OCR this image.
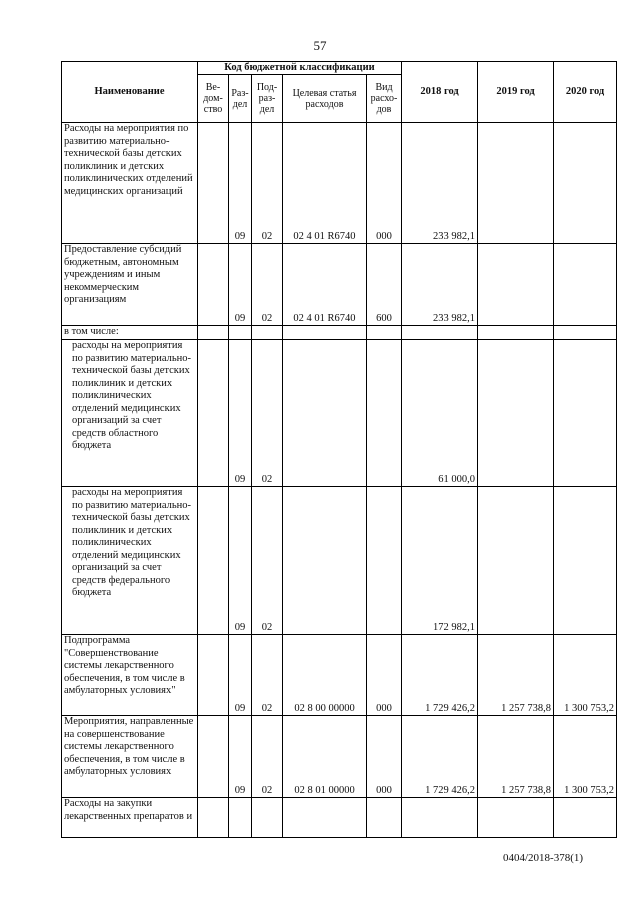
57
Наименование	Код бюджетной классификации					2018 год	2019 год	2020 год
	Ве-дом-ство	Раз-дел	Под-раз-дел	Целевая статья расходов	Вид расхо-дов			
Расходы на мероприятия по развитию материально-технической базы детских поликлиник и детских поликлинических отделений медицинских организаций		09	02	02 4 01 R6740	000	233 982,1		
Предоставление субсидий бюджетным, автономным учреждениям и иным некоммерческим организациям		09	02	02 4 01 R6740	600	233 982,1		
в том числе:								
расходы на мероприятия по развитию материально-технической базы детских поликлиник и детских поликлинических отделений медицинских организаций за счет средств областного бюджета		09	02			61 000,0		
расходы на мероприятия по развитию материально-технической базы детских поликлиник и детских поликлинических отделений медицинских организаций за счет средств федерального бюджета		09	02			172 982,1		
Подпрограмма "Совершенствование системы лекарственного обеспечения, в том числе в амбулаторных условиях"		09	02	02 8 00 00000	000	1 729 426,2	1 257 738,8	1 300 753,2
Мероприятия, направленные на совершенствование системы лекарственного обеспечения, в том числе в амбулаторных условиях		09	02	02 8 01 00000	000	1 729 426,2	1 257 738,8	1 300 753,2
Расходы на закупки лекарственных препаратов и								
0404/2018-378(1)
